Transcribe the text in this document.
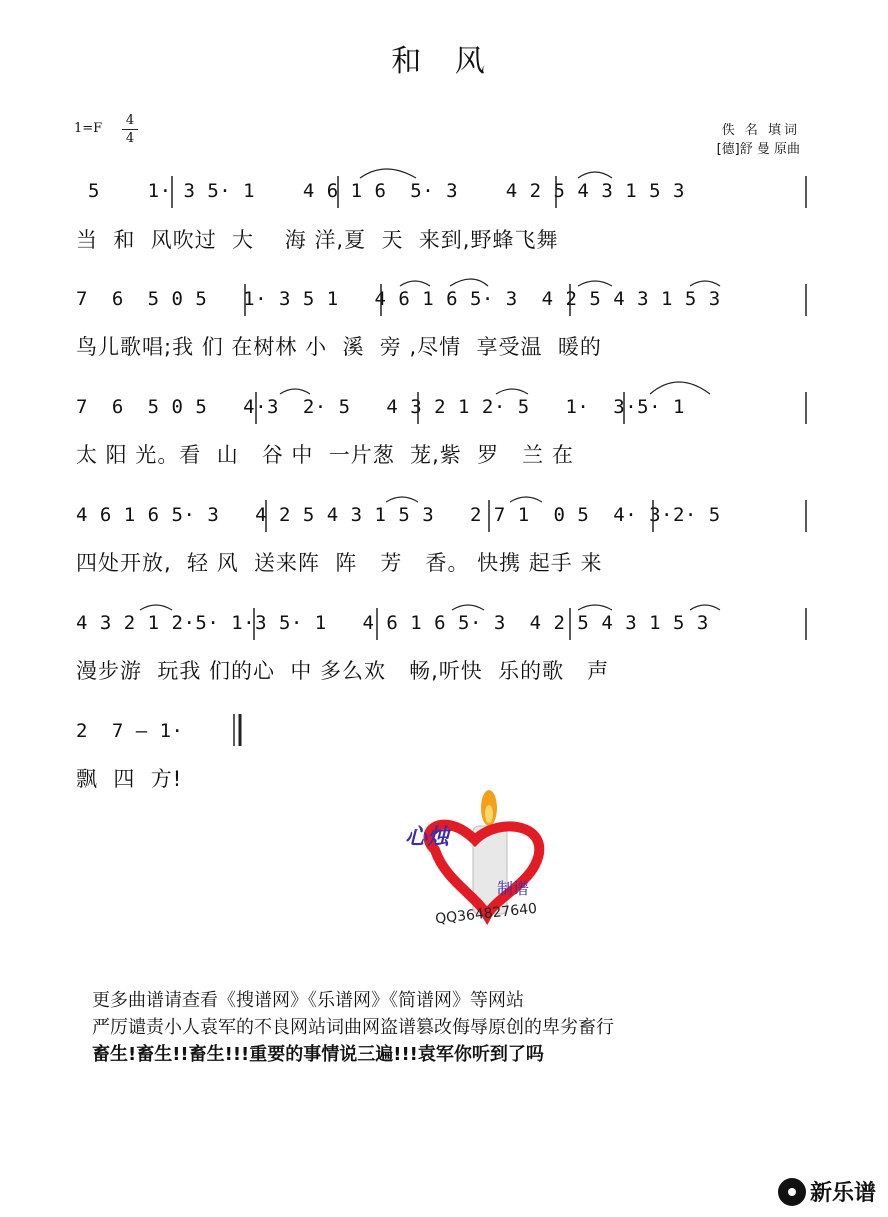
和 风
1=F
4
4
佚 名 填词
[德]舒 曼 原曲
5    1· 3 5· 1    4 6 1 6  5· 3    4 2 5 4 3 1 5 3
当  和  风吹过  大    海 洋,夏  天  来到,野蜂飞舞
7  6  5 0 5   1· 3 5 1   4 6 1 6 5· 3  4 2 5 4 3 1 5 3
鸟儿歌唱;我 们 在树林 小  溪  旁 ,尽情  享受温  暖的
7  6  5 0 5   4·3  2· 5   4 3 2 1 2· 5   1·  3·5· 1
太 阳 光。看  山   谷 中  一片葱  茏,紫  罗   兰 在
4 6 1 6 5· 3   4 2 5 4 3 1 5 3   2 7 1  0 5  4· 3·2· 5
四处开放,  轻 风  送来阵  阵   芳   香。 快携 起手 来
4 3 2 1 2·5· 1·3 5· 1   4 6 1 6 5· 3  4 2 5 4 3 1 5 3
漫步游  玩我 们的心  中 多么欢   畅,听快  乐的歌   声
2  7 – 1·
飘  四  方!
心烛
制谱
QQ364827640
更多曲谱请查看《搜谱网》《乐谱网》《简谱网》等网站
严厉谴责小人袁军的不良网站词曲网盗谱篡改侮辱原创的卑劣畜行
畜生!畜生!!畜生!!!重要的事情说三遍!!!袁军你听到了吗
新乐谱
